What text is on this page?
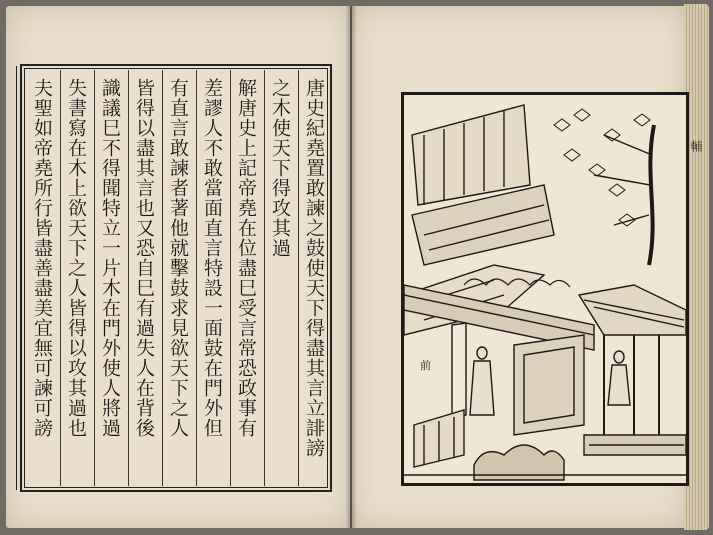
輔
唐史紀堯置敢諫之鼓使天下得盡其言立誹謗
之木使天下得攻其過
解唐史上記帝堯在位盡巳受言常恐政事有
差謬人不敢當面直言特設一面鼓在門外但
有直言敢諫者著他就擊鼓求見欲天下之人
皆得以盡其言也又恐自巳有過失人在背後
識議巳不得聞特立一片木在門外使人將過
失書寫在木上欲天下之人皆得以攻其過也
夫聖如帝堯所行皆盡善盡美宜無可諫可謗	前
